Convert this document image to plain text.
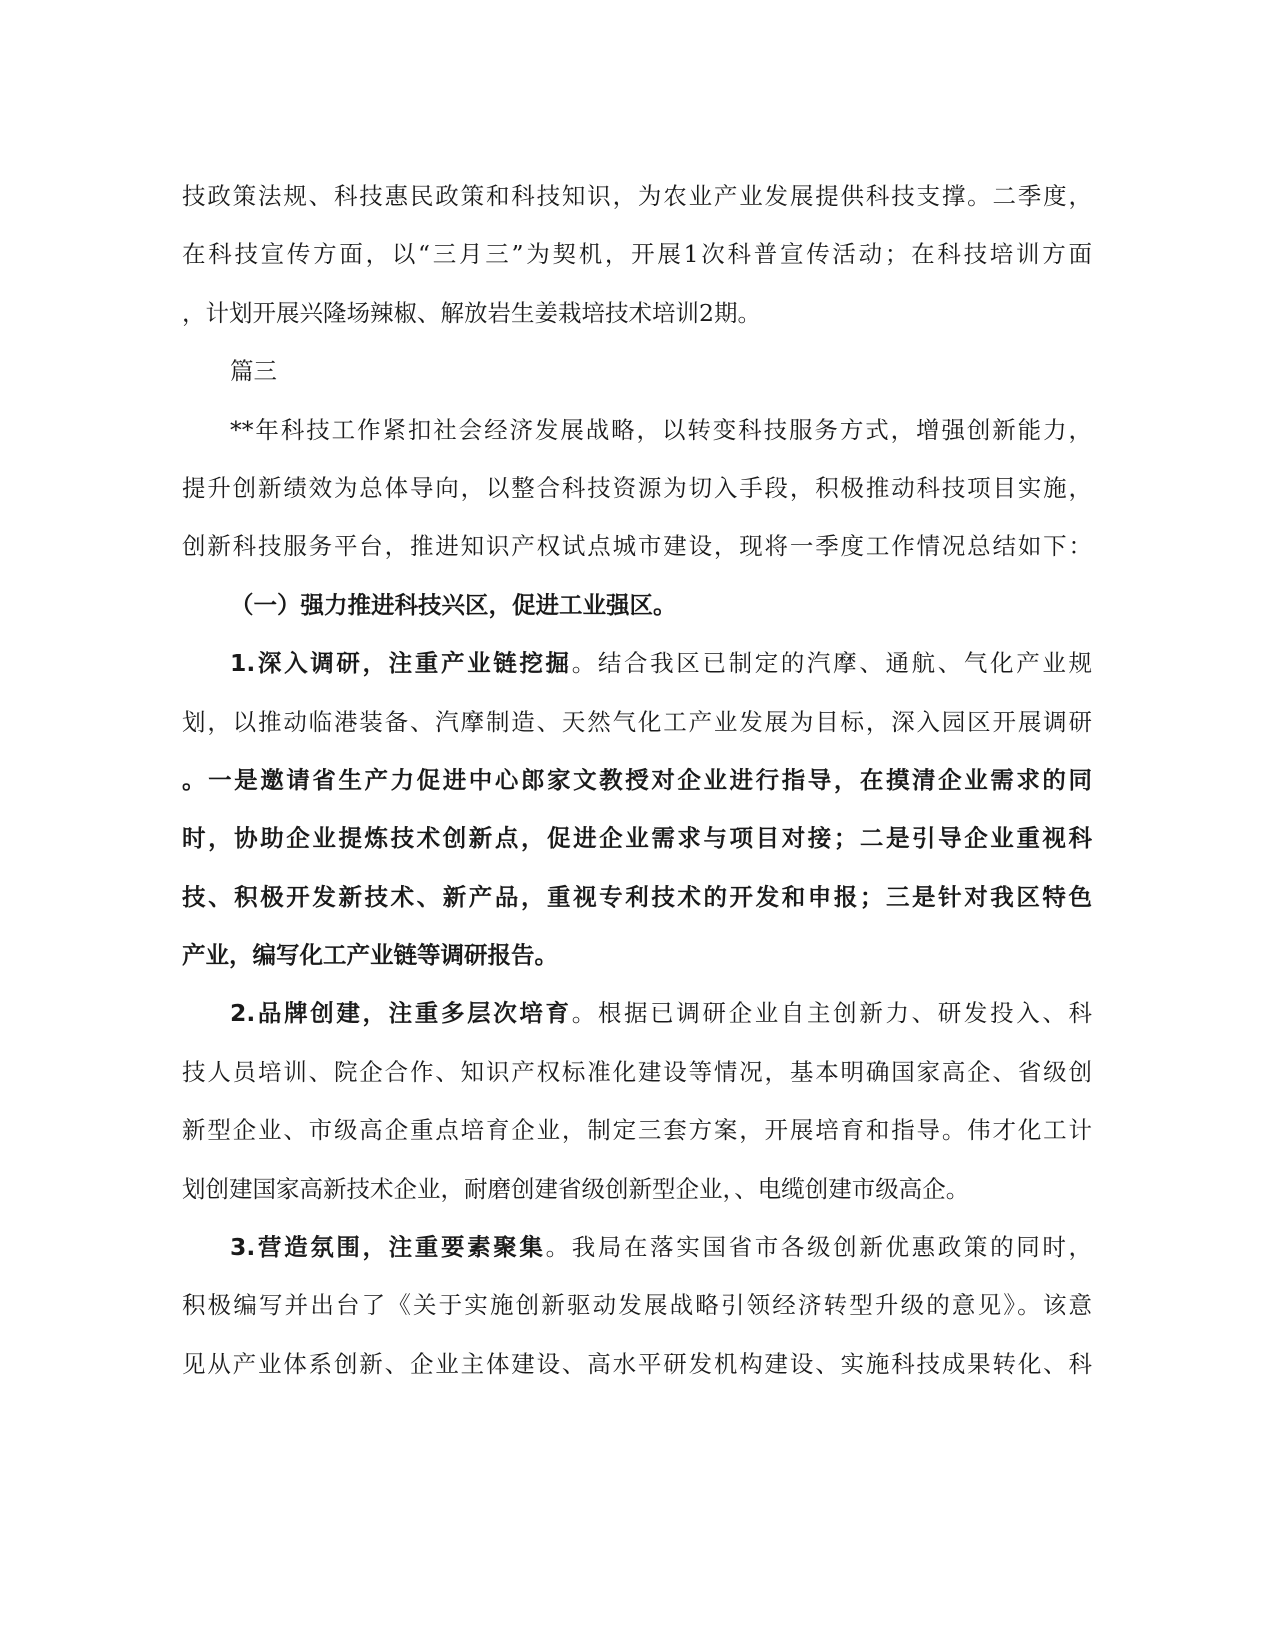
技政策法规、科技惠民政策和科技知识，为农业产业发展提供科技支撑。二季度，
在科技宣传方面，以“三月三”为契机，开展1次科普宣传活动；在科技培训方面
，计划开展兴隆场辣椒、解放岩生姜栽培技术培训2期。
篇三
**年科技工作紧扣社会经济发展战略，以转变科技服务方式，增强创新能力，
提升创新绩效为总体导向，以整合科技资源为切入手段，积极推动科技项目实施，
创新科技服务平台，推进知识产权试点城市建设，现将一季度工作情况总结如下：
（一）强力推进科技兴区，促进工业强区。
1.深入调研，注重产业链挖掘。结合我区已制定的汽摩、通航、气化产业规
划，以推动临港装备、汽摩制造、天然气化工产业发展为目标，深入园区开展调研
。一是邀请省生产力促进中心郎家文教授对企业进行指导，在摸清企业需求的同
时，协助企业提炼技术创新点，促进企业需求与项目对接；二是引导企业重视科
技、积极开发新技术、新产品，重视专利技术的开发和申报；三是针对我区特色
产业，编写化工产业链等调研报告。
2.品牌创建，注重多层次培育。根据已调研企业自主创新力、研发投入、科
技人员培训、院企合作、知识产权标准化建设等情况，基本明确国家高企、省级创
新型企业、市级高企重点培育企业，制定三套方案，开展培育和指导。伟才化工计
划创建国家高新技术企业，耐磨创建省级创新型企业，、电缆创建市级高企。
3.营造氛围，注重要素聚集。我局在落实国省市各级创新优惠政策的同时，
积极编写并出台了《关于实施创新驱动发展战略引领经济转型升级的意见》。该意
见从产业体系创新、企业主体建设、高水平研发机构建设、实施科技成果转化、科
